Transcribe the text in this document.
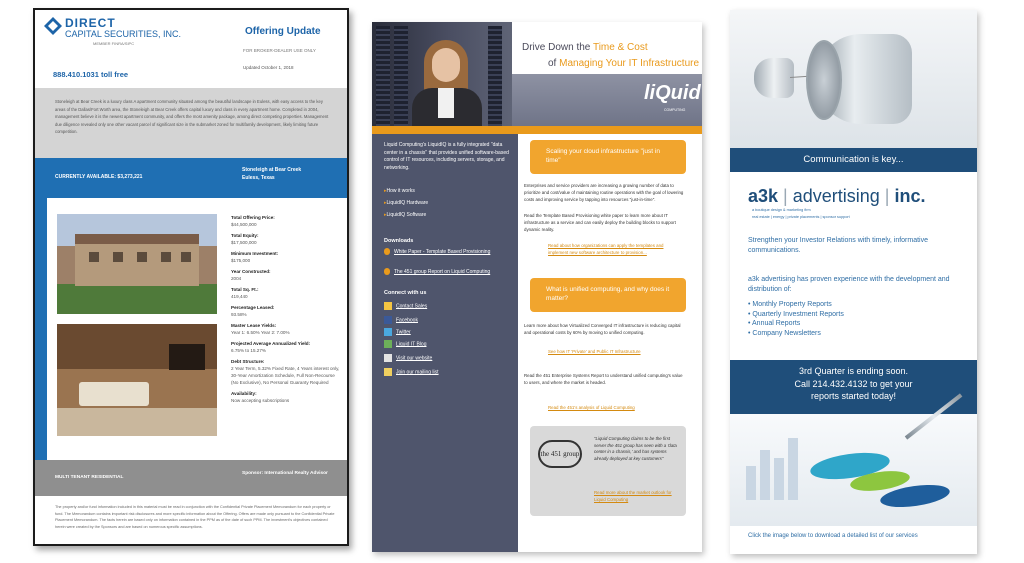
DIRECT
CAPITAL SECURITIES, INC.
MEMBER FINRA/SIPC
888.410.1031 toll free
Offering Update
FOR BROKER-DEALER USE ONLY
Updated October 1, 2018
Stoneleigh at Bear Creek is a luxury class A apartment community situated among the beautiful landscape in Euless, with easy access to the key areas of the Dallas/Fort Worth area, the Stoneleigh at Bear Creek offers capital luxury and class in every apartment home. Completed in 2004, management believe it is the newest apartment community, and offers the most amenity package, among direct competing properties. Management due diligence revealed only one other vacant parcel of significant size in the submarket zoned for multifamily development, likely limiting future competition.
CURRENTLY AVAILABLE: $3,273,221
Stoneleigh at Bear Creek
Euless, Texas
Total Offering Price:
$44,500,000
Total Equity:
$17,500,000
Minimum Investment:
$175,000
Year Constructed:
2004
Total Sq. Ft.:
419,440
Percentage Leased:
93.58%
Master Lease Yields:
Year 1: 6.50% Year 2: 7.00%
Projected Average Annualized Yield:
6.75% to 15.27%
Debt Structure:
2 Year Term, 5.32% Fixed Rate, 4 Years interest only, 30-Year Amortization Schedule, Full Non-Recourse (No Exclusive), No Personal Guaranty Required
Availability:
Now accepting subscriptions
MULTI TENANT RESIDENTIAL
Sponsor: International Realty Advisor
The property and/or fund information included in this material must be read in conjunction with the Confidential Private Placement Memorandum for each property or fund. The Memorandum contains important risk disclosures and more specific information about the Offering. Offers are made only pursuant to the Confidential Private Placement Memorandum. The facts herein are based only on information contained in the PPM as of the date of such PPM. The investment's objectives contained herein were created by the Sponsors and are based on numerous specific assumptions.
Drive Down the Time & Cost
of Managing Your IT Infrastructure
liQuid
COMPUTING
Liquid Computing's LiquidIQ is a fully integrated "data center in a chassis" that provides unified software-based control of IT resources, including servers, storage, and networking.
▸ How it works
▸ LiquidIQ Hardware
▸ LiquidIQ Software
Downloads
White Paper - Template Based Provisioning
The 451 group Report on Liquid Computing
Connect with us
Contact Sales
Facebook
Twitter
Liquid IT Blog
Visit our website
Join our mailing list
Scaling your cloud infrastructure "just in time"
Enterprises and service providers are increasing a growing number of data to prioritize and cost/value of maintaining routine operations with the goal of lowering costs and improving service by tapping into resources "just-in-time".
Read the Template Based Provisioning white paper to learn more about IT infrastructure as a service and can easily deploy the building blocks to support dynamic reality.
Read about how organizations can apply the templates and implement new software architecture to provision...
What is unified computing, and why does it matter?
Learn more about how Virtualized Converged IT infrastructure is reducing capital and operational costs by 60% by moving to unified computing.
See how IT 'Private' and Public IT Infrastructure
Read the 451 Enterprise Systems Report to understand unified computing's value to users, and where the market is headed.
Read the 451's analysis of Liquid Computing
the 451 group
"Liquid Computing claims to be the first server the 451 group has seen with a 'data center in a chassis,' and has systems already deployed at key customers"
Read more about the market outlook for Liquid Computing
Communication is key...
a3k | advertising | inc.
a boutique design & marketing firm
real estate | energy | private placements | sponsor support
Strengthen your Investor Relations with timely, informative communications.
a3k advertising has proven experience with the development and distribution of:
• Monthly Property Reports
• Quarterly Investment Reports
• Annual Reports
• Company Newsletters
3rd Quarter is ending soon.
Call 214.432.4132 to get your
reports started today!
Click the image below to download a detailed list of our services
